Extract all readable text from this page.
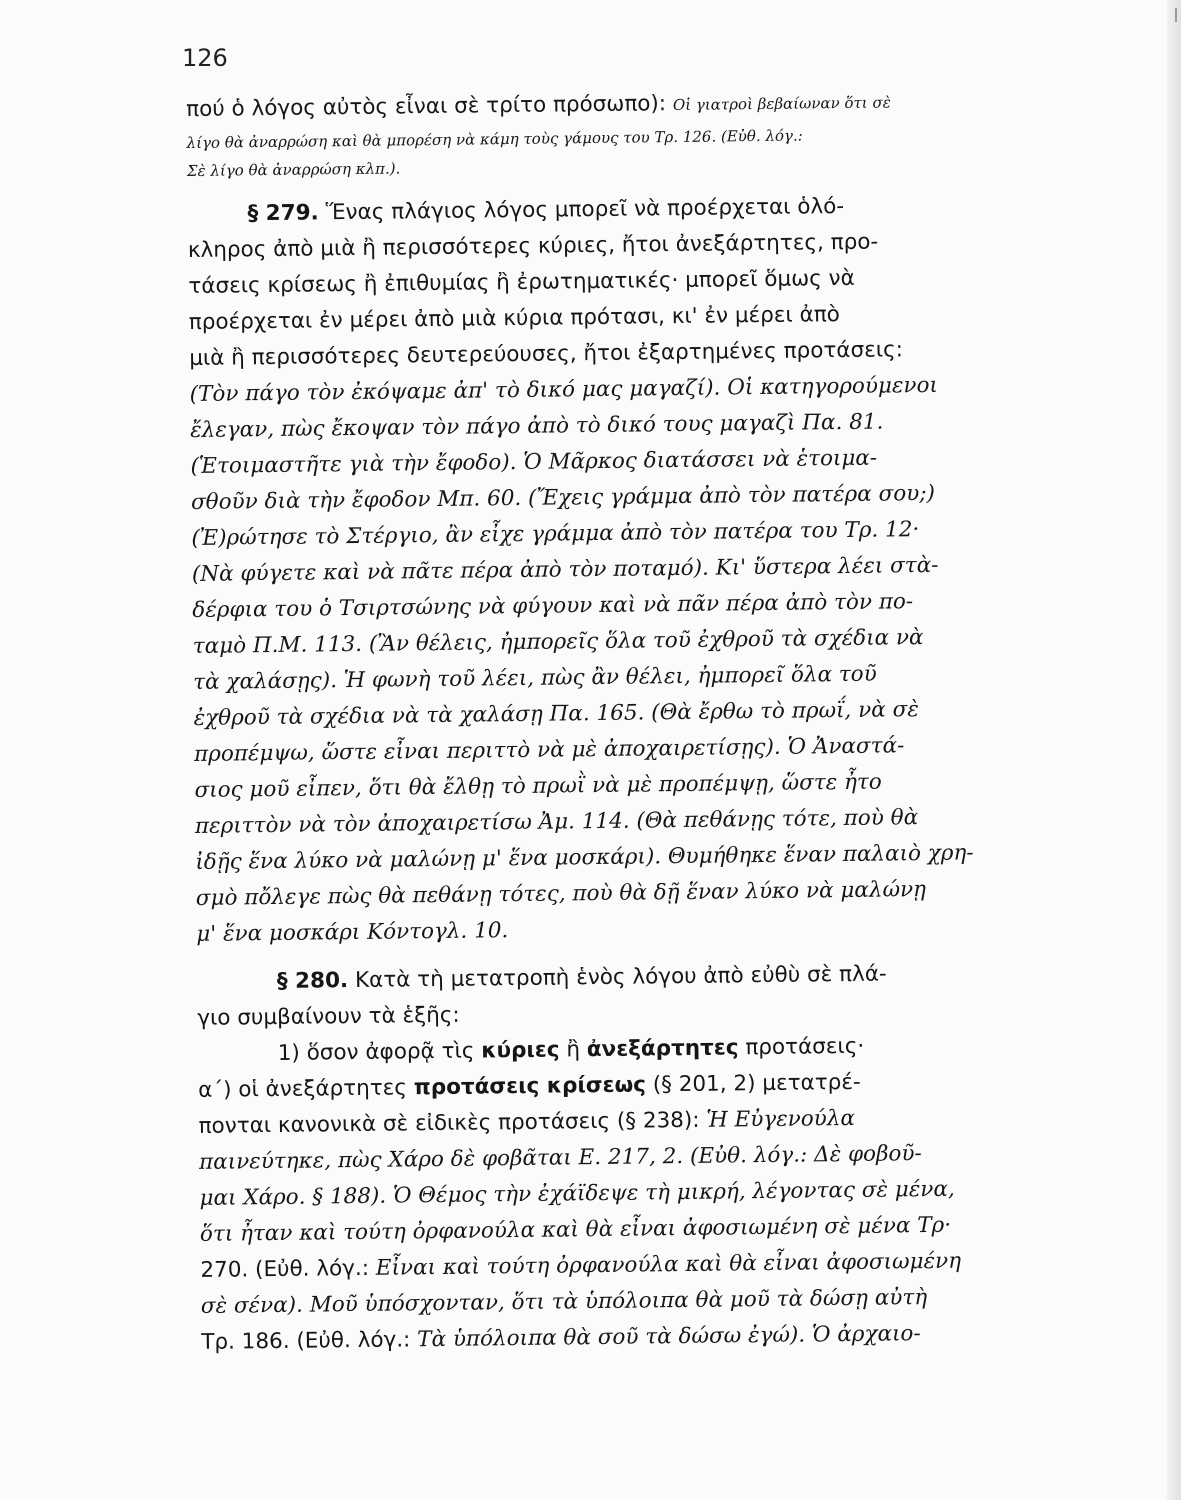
126
πού ὁ λόγος αὐτὸς εἶναι σὲ τρίτο πρόσωπο): Οἱ γιατροὶ βεβαίωναν ὅτι σὲ
λίγο θὰ ἀναρρώση καὶ θὰ μπορέση νὰ κάμη τοὺς γάμους του Τρ. 126. (Εὐθ. λόγ.:
Σὲ λίγο θὰ ἀναρρώση κλπ.).
§ 279. Ἕνας πλάγιος λόγος μπορεῖ νὰ προέρχεται ὁλό-
κληρος ἀπὸ μιὰ ἢ περισσότερες κύριες, ἤτοι ἀνεξάρτητες, προ-
τάσεις κρίσεως ἢ ἐπιθυμίας ἢ ἐρωτηματικές· μπορεῖ ὅμως νὰ
προέρχεται ἐν μέρει ἀπὸ μιὰ κύρια πρότασι, κι' ἐν μέρει ἀπὸ
μιὰ ἢ περισσότερες δευτερεύουσες, ἤτοι ἐξαρτημένες προτάσεις:
(Τὸν πάγο τὸν ἐκόψαμε ἀπ' τὸ δικό μας μαγαζί). Οἱ κατηγορούμενοι
ἔλεγαν, πὼς ἔκοψαν τὸν πάγο ἀπὸ τὸ δικό τους μαγαζὶ Πα. 81.
(Ἑτοιμαστῆτε γιὰ τὴν ἔφοδο). Ὁ Μᾶρκος διατάσσει νὰ ἑτοιμα-
σθοῦν διὰ τὴν ἔφοδον Μπ. 60. (Ἔχεις γράμμα ἀπὸ τὸν πατέρα σου;)
(Ἐ)ρώτησε τὸ Στέργιο, ἂν εἶχε γράμμα ἀπὸ τὸν πατέρα του Τρ. 12·
(Νὰ φύγετε καὶ νὰ πᾶτε πέρα ἀπὸ τὸν ποταμό). Κι' ὕστερα λέει στὰ-
δέρφια του ὁ Τσιρτσώνης νὰ φύγουν καὶ νὰ πᾶν πέρα ἀπὸ τὸν πο-
ταμὸ Π.Μ. 113. (Ἂν θέλεις, ἠμπορεῖς ὅλα τοῦ ἐχθροῦ τὰ σχέδια νὰ
τὰ χαλάσῃς). Ἡ φωνὴ τοῦ λέει, πὼς ἂν θέλει, ἠμπορεῖ ὅλα τοῦ
ἐχθροῦ τὰ σχέδια νὰ τὰ χαλάσῃ Πα. 165. (Θὰ ἔρθω τὸ πρωΐ, νὰ σὲ
προπέμψω, ὥστε εἶναι περιττὸ νὰ μὲ ἀποχαιρετίσῃς). Ὁ Ἀναστά-
σιος μοῦ εἶπεν, ὅτι θὰ ἔλθῃ τὸ πρωῒ νὰ μὲ προπέμψῃ, ὥστε ἦτο
περιττὸν νὰ τὸν ἀποχαιρετίσω Ἀμ. 114. (Θὰ πεθάνῃς τότε, ποὺ θὰ
ἰδῇς ἕνα λύκο νὰ μαλώνῃ μ' ἕνα μοσκάρι). Θυμήθηκε ἕναν παλαιὸ χρη-
σμὸ πὄλεγε πὼς θὰ πεθάνῃ τότες, ποὺ θὰ δῇ ἕναν λύκο νὰ μαλώνῃ
μ' ἕνα μοσκάρι Κόντογλ. 10.
§ 280. Κατὰ τὴ μετατροπὴ ἑνὸς λόγου ἀπὸ εὐθὺ σὲ πλά-
γιο συμβαίνουν τὰ ἑξῆς:
1) ὅσον ἀφορᾷ τὶς κύριες ἢ ἀνεξάρτητες προτάσεις·
α΄) οἱ ἀνεξάρτητες προτάσεις κρίσεως (§ 201, 2) μετατρέ-
πονται κανονικὰ σὲ εἰδικὲς προτάσεις (§ 238): Ἡ Εὐγενούλα
παινεύτηκε, πὼς Χάρο δὲ φοβᾶται Ε. 217, 2. (Εὐθ. λόγ.: Δὲ φοβοῦ-
μαι Χάρο. § 188). Ὁ Θέμος τὴν ἐχάϊδεψε τὴ μικρή, λέγοντας σὲ μένα,
ὅτι ἦταν καὶ τούτη ὀρφανούλα καὶ θὰ εἶναι ἀφοσιωμένη σὲ μένα Τρ·
270. (Εὐθ. λόγ.: Εἶναι καὶ τούτη ὀρφανούλα καὶ θὰ εἶναι ἀφοσιωμένη
σὲ σένα). Μοῦ ὑπόσχονταν, ὅτι τὰ ὑπόλοιπα θὰ μοῦ τὰ δώσῃ αὐτὴ
Τρ. 186. (Εὐθ. λόγ.: Τὰ ὑπόλοιπα θὰ σοῦ τὰ δώσω ἐγώ). Ὁ ἀρχαιο-
